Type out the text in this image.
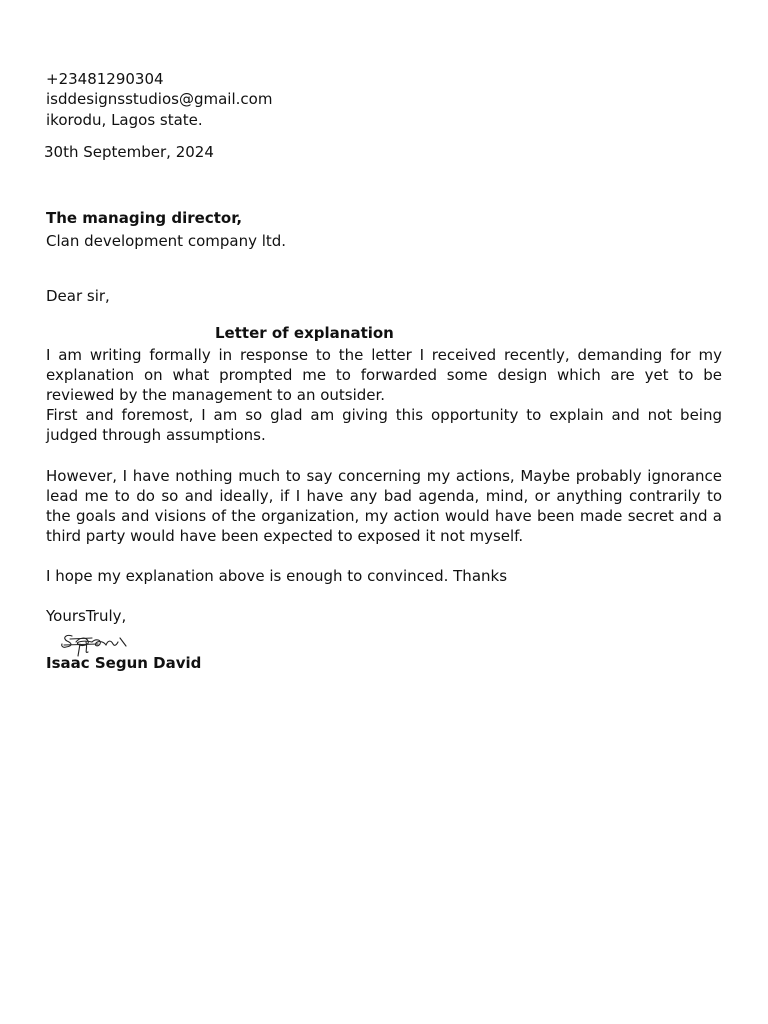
+23481290304
isddesignsstudios@gmail.com
ikorodu, Lagos state.
30th September, 2024
The managing director,
Clan development company ltd.
Dear sir,
Letter of explanation

I am writing formally in response to the letter I received recently, demanding for my explanation on what prompted me to forwarded some design which are yet to be reviewed by the management to an outsider.

First and foremost, I am so glad am giving this opportunity to explain and not being judged through assumptions.

However, I have nothing much to say concerning my actions, Maybe probably ignorance lead me to do so and ideally, if I have any bad agenda, mind, or anything contrarily to the goals and visions of the organization, my action would have been made secret and a third party would have been expected to exposed it not myself.

I hope my explanation above is enough to convinced. Thanks

YoursTruly,
Isaac Segun David
